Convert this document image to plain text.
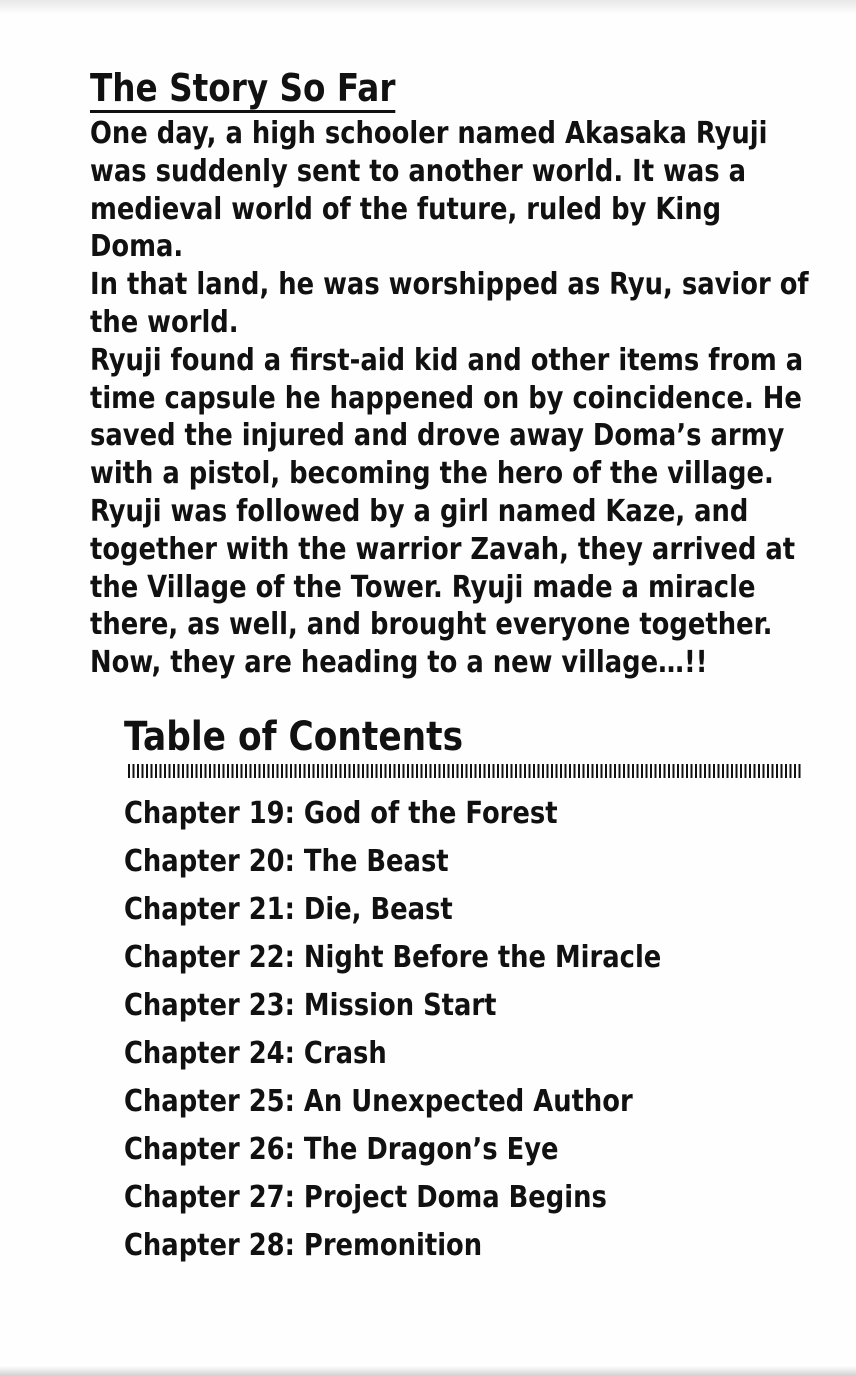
The Story So Far

One day, a high schooler named Akasaka Ryuji

was suddenly sent to another world. It was a

medieval world of the future, ruled by King

Doma.

In that land, he was worshipped as Ryu, savior of

the world.

Ryuji found a first-aid kid and other items from a

time capsule he happened on by coincidence. He

saved the injured and drove away Doma’s army

with a pistol, becoming the hero of the village.

Ryuji was followed by a girl named Kaze, and

together with the warrior Zavah, they arrived at

the Village of the Tower. Ryuji made a miracle

there, as well, and brought everyone together.

Now, they are heading to a new village…!!

Table of Contents
Chapter 19: God of the Forest
Chapter 20: The Beast
Chapter 21: Die, Beast
Chapter 22: Night Before the Miracle
Chapter 23: Mission Start
Chapter 24: Crash
Chapter 25: An Unexpected Author
Chapter 26: The Dragon’s Eye
Chapter 27: Project Doma Begins
Chapter 28: Premonition
